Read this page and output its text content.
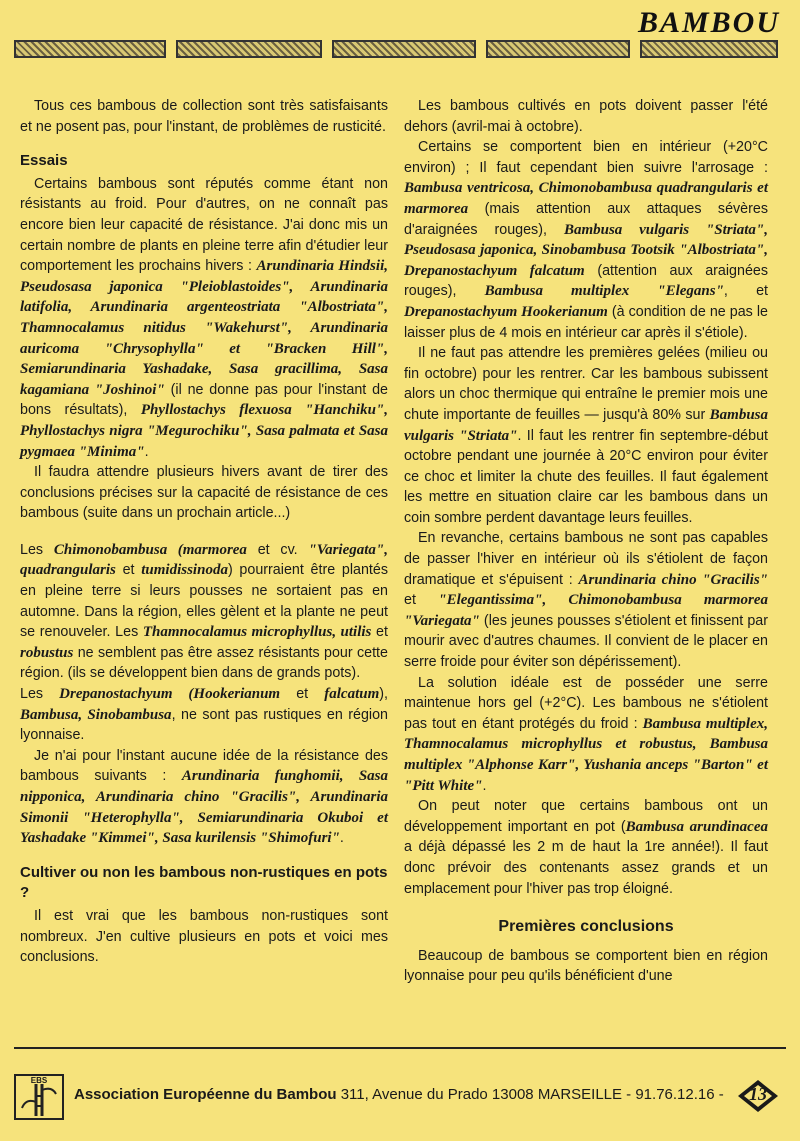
BAMBOU

Tous ces bambous de collection sont très satisfaisants et ne posent pas, pour l'instant, de problèmes de rusticité.

Essais

Certains bambous sont réputés comme étant non résistants au froid. Pour d'autres, on ne connaît pas encore bien leur capacité de résistance. J'ai donc mis un certain nombre de plants en pleine terre afin d'étudier leur comportement les prochains hivers : Arundinaria Hindsii, Pseudosasa japonica "Pleioblastoides", Arundinaria latifolia, Arundinaria argenteostriata "Albostriata", Thamnocalamus nitidus "Wakehurst", Arundinaria auricoma "Chrysophylla" et "Bracken Hill", Semiarundinaria Yashadake, Sasa gracillima, Sasa kagamiana "Joshinoi" (il ne donne pas pour l'instant de bons résultats), Phyllostachys flexuosa "Hanchiku", Phyllostachys nigra "Megurochiku", Sasa palmata et Sasa pygmaea "Minima".

Il faudra attendre plusieurs hivers avant de tirer des conclusions précises sur la capacité de résistance de ces bambous (suite dans un prochain article...)

Les Chimonobambusa (marmorea et cv. "Variegata", quadrangularis et tumidissinoda) pourraient être plantés en pleine terre si leurs pousses ne sortaient pas en automne. Dans la région, elles gèlent et la plante ne peut se renouveler. Les Thamnocalamus microphyllus, utilis et robustus ne semblent pas être assez résistants pour cette région. (ils se développent bien dans de grands pots).

Les Drepanostachyum (Hookerianum et falcatum), Bambusa, Sinobambusa, ne sont pas rustiques en région lyonnaise.

Je n'ai pour l'instant aucune idée de la résistance des bambous suivants : Arundinaria funghomii, Sasa nipponica, Arundinaria chino "Gracilis", Arundinaria Simonii "Heterophylla", Semiarundinaria Okuboi et Yashadake "Kimmei", Sasa kurilensis "Shimofuri".

Cultiver ou non les bambous non-rustiques en pots ?

Il est vrai que les bambous non-rustiques sont nombreux. J'en cultive plusieurs en pots et voici mes conclusions.

Les bambous cultivés en pots doivent passer l'été dehors (avril-mai à octobre).

Certains se comportent bien en intérieur (+20°C environ) ; Il faut cependant bien suivre l'arrosage : Bambusa ventricosa, Chimonobambusa quadrangularis et marmorea (mais attention aux attaques sévères d'araignées rouges), Bambusa vulgaris "Striata", Pseudosasa japonica, Sinobambusa Tootsik "Albostriata", Drepanostachyum falcatum (attention aux araignées rouges), Bambusa multiplex "Elegans", et Drepanostachyum Hookerianum (à condition de ne pas le laisser plus de 4 mois en intérieur car après il s'étiole).

Il ne faut pas attendre les premières gelées (milieu ou fin octobre) pour les rentrer. Car les bambous subissent alors un choc thermique qui entraîne le premier mois une chute importante de feuilles — jusqu'à 80% sur Bambusa vulgaris "Striata". Il faut les rentrer fin septembre-début octobre pendant une journée à 20°C environ pour éviter ce choc et limiter la chute des feuilles. Il faut également les mettre en situation claire car les bambous dans un coin sombre perdent davantage leurs feuilles.

En revanche, certains bambous ne sont pas capables de passer l'hiver en intérieur où ils s'étiolent de façon dramatique et s'épuisent : Arundinaria chino "Gracilis" et "Elegantissima", Chimonobambusa marmorea "Variegata" (les jeunes pousses s'étiolent et finissent par mourir avec d'autres chaumes. Il convient de le placer en serre froide pour éviter son dépérissement).

La solution idéale est de posséder une serre maintenue hors gel (+2°C). Les bambous ne s'étiolent pas tout en étant protégés du froid : Bambusa multiplex, Thamnocalamus microphyllus et robustus, Bambusa multiplex "Alphonse Karr", Yushania anceps "Barton" et "Pitt White".

On peut noter que certains bambous ont un développement important en pot (Bambusa arundinacea a déjà dépassé les 2 m de haut la 1re année!). Il faut donc prévoir des contenants assez grands et un emplacement pour l'hiver pas trop éloigné.

Premières conclusions

Beaucoup de bambous se comportent bien en région lyonnaise pour peu qu'ils bénéficient d'une

EBS
Association Européenne du Bambou 311, Avenue du Prado 13008 MARSEILLE - 91.76.12.16 -	13
